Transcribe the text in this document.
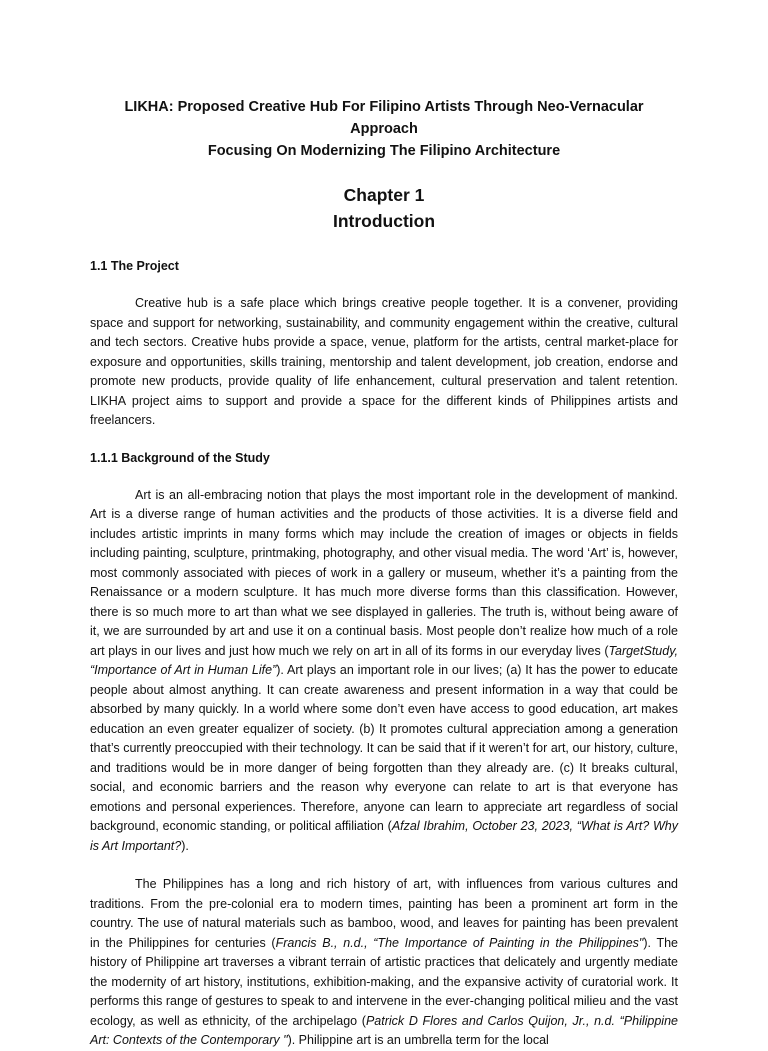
LIKHA: Proposed Creative Hub For Filipino Artists Through Neo-Vernacular Approach
Focusing On Modernizing The Filipino Architecture
Chapter 1
Introduction
1.1 The Project

Creative hub is a safe place which brings creative people together. It is a convener, providing space and support for networking, sustainability, and community engagement within the creative, cultural and tech sectors. Creative hubs provide a space, venue, platform for the artists, central market-place for exposure and opportunities, skills training, mentorship and talent development, job creation, endorse and promote new products, provide quality of life enhancement, cultural preservation and talent retention. LIKHA project aims to support and provide a space for the different kinds of Philippines artists and freelancers.

1.1.1 Background of the Study

Art is an all-embracing notion that plays the most important role in the development of mankind. Art is a diverse range of human activities and the products of those activities. It is a diverse field and includes artistic imprints in many forms which may include the creation of images or objects in fields including painting, sculpture, printmaking, photography, and other visual media. The word ‘Art’ is, however, most commonly associated with pieces of work in a gallery or museum, whether it’s a painting from the Renaissance or a modern sculpture. It has much more diverse forms than this classification. However, there is so much more to art than what we see displayed in galleries. The truth is, without being aware of it, we are surrounded by art and use it on a continual basis. Most people don’t realize how much of a role art plays in our lives and just how much we rely on art in all of its forms in our everyday lives (TargetStudy, “Importance of Art in Human Life”). Art plays an important role in our lives; (a) It has the power to educate people about almost anything. It can create awareness and present information in a way that could be absorbed by many quickly. In a world where some don’t even have access to good education, art makes education an even greater equalizer of society. (b) It promotes cultural appreciation among a generation that’s currently preoccupied with their technology. It can be said that if it weren’t for art, our history, culture, and traditions would be in more danger of being forgotten than they already are. (c) It breaks cultural, social, and economic barriers and the reason why everyone can relate to art is that everyone has emotions and personal experiences. Therefore, anyone can learn to appreciate art regardless of social background, economic standing, or political affiliation (Afzal Ibrahim, October 23, 2023, “What is Art? Why is Art Important?).

The Philippines has a long and rich history of art, with influences from various cultures and traditions. From the pre-colonial era to modern times, painting has been a prominent art form in the country. The use of natural materials such as bamboo, wood, and leaves for painting has been prevalent in the Philippines for centuries (Francis B., n.d., “The Importance of Painting in the Philippines"). The history of Philippine art traverses a vibrant terrain of artistic practices that delicately and urgently mediate the modernity of art history, institutions, exhibition-making, and the expansive activity of curatorial work. It performs this range of gestures to speak to and intervene in the ever-changing political milieu and the vast ecology, as well as ethnicity, of the archipelago (Patrick D Flores and Carlos Quijon, Jr., n.d. “Philippine Art: Contexts of the Contemporary "). Philippine art is an umbrella term for the local
